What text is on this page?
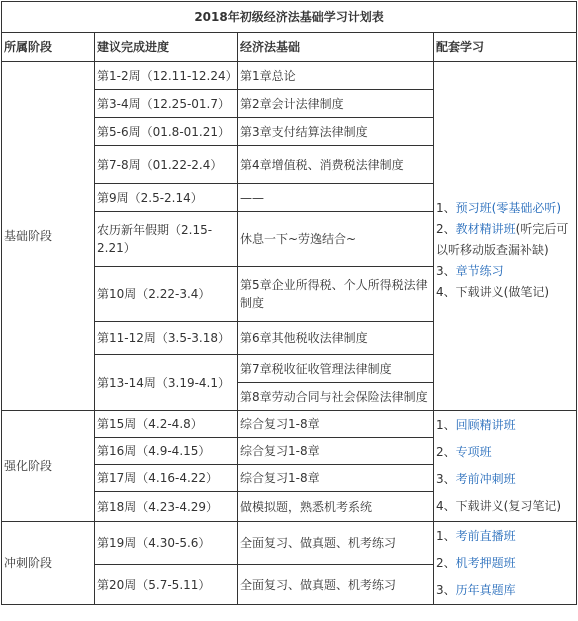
2018年初级经济法基础学习计划表			
所属阶段	建议完成进度	经济法基础	配套学习
基础阶段	第1-2周（12.11-12.24）	第1章总论	1、预习班(零基础必听)
2、教材精讲班(听完后可以听移动版查漏补缺)
3、章节练习
4、下载讲义(做笔记)

	第3-4周（12.25-01.7）	第2章会计法律制度	
	第5-6周（01.8-01.21）	第3章支付结算法律制度	
	第7-8周（01.22-2.4）	第4章增值税、消费税法律制度	
	第9周（2.5-2.14）	——	
	农历新年假期（2.15-2.21）	休息一下~劳逸结合~	
	第10周（2.22-3.4）	第5章企业所得税、个人所得税法律制度	
	第11-12周（3.5-3.18）	第6章其他税收法律制度	
	第13-14周（3.19-4.1）	第7章税收征收管理法律制度	
		第8章劳动合同与社会保险法律制度	
强化阶段	第15周（4.2-4.8）	综合复习1-8章	1、回顾精讲班
2、专项班
3、考前冲刺班
4、下载讲义(复习笔记)

	第16周（4.9-4.15）	综合复习1-8章	
	第17周（4.16-4.22）	综合复习1-8章	
	第18周（4.23-4.29）	做模拟题，熟悉机考系统	
冲刺阶段	第19周（4.30-5.6）	全面复习、做真题、机考练习	1、考前直播班
2、机考押题班
3、历年真题库

	第20周（5.7-5.11）	全面复习、做真题、机考练习	
